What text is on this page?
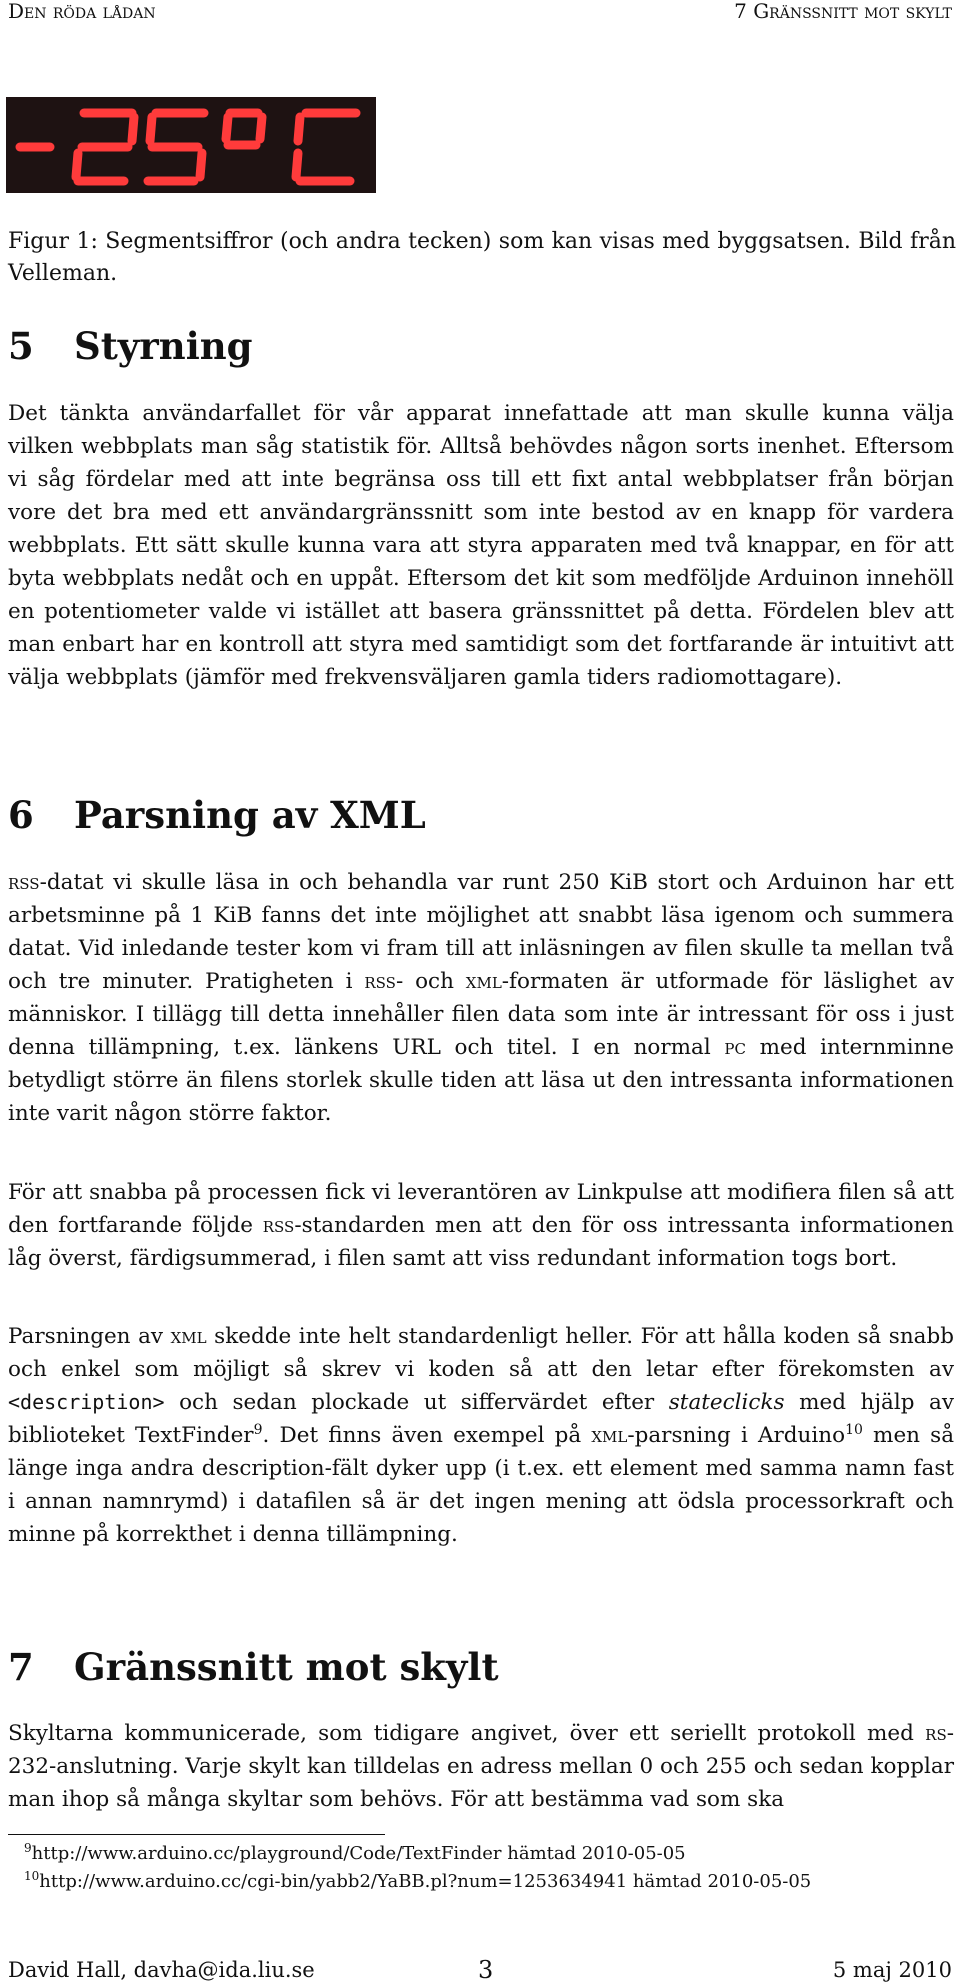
Den röda lådan	7 Gränssnitt mot skylt
Figur 1: Segmentsiffror (och andra tecken) som kan visas med byggsatsen. Bild från Velleman.
5 Styrning

Det tänkta användarfallet för vår apparat innefattade att man skulle kunna välja vilken webbplats man såg statistik för. Alltså behövdes någon sorts inenhet. Eftersom vi såg fördelar med att inte begränsa oss till ett fixt antal webbplatser från början vore det bra med ett användargränssnitt som inte bestod av en knapp för vardera webbplats. Ett sätt skulle kunna vara att styra apparaten med två knappar, en för att byta webbplats nedåt och en uppåt. Eftersom det kit som medföljde Arduinon innehöll en potentiometer valde vi istället att basera gränssnittet på detta. Fördelen blev att man enbart har en kontroll att styra med samtidigt som det fortfarande är intuitivt att välja webbplats (jämför med frekvensväljaren gamla tiders radiomottagare).

6 Parsning av XML

rss-datat vi skulle läsa in och behandla var runt 250 KiB stort och Arduinon har ett arbetsminne på 1 KiB fanns det inte möjlighet att snabbt läsa igenom och summera datat. Vid inledande tester kom vi fram till att inläsningen av filen skulle ta mellan två och tre minuter. Pratigheten i rss- och xml-formaten är utformade för läslighet av människor. I tillägg till detta innehåller filen data som inte är intressant för oss i just denna tillämpning, t.ex. länkens URL och titel. I en normal pc med internminne betydligt större än filens storlek skulle tiden att läsa ut den intressanta informationen inte varit någon större faktor.

För att snabba på processen fick vi leverantören av Linkpulse att modifiera filen så att den fortfarande följde rss-standarden men att den för oss intressanta informationen låg överst, färdigsummerad, i filen samt att viss redundant information togs bort.

Parsningen av xml skedde inte helt standardenligt heller. För att hålla koden så snabb och enkel som möjligt så skrev vi koden så att den letar efter förekomsten av <description> och sedan plockade ut siffervärdet efter stateclicks med hjälp av biblioteket TextFinder$^9$. Det finns även exempel på xml-parsning i Arduino$^{10}$ men så länge inga andra description-fält dyker upp (i t.ex. ett element med samma namn fast i annan namnrymd) i datafilen så är det ingen mening att ödsla processorkraft och minne på korrekthet i denna tillämpning.

7 Gränssnitt mot skylt

Skyltarna kommunicerade, som tidigare angivet, över ett seriellt protokoll med rs-232-anslutning. Varje skylt kan tilldelas en adress mellan 0 och 255 och sedan kopplar man ihop så många skyltar som behövs. För att bestämma vad som ska

$^9$http://www.arduino.cc/playground/Code/TextFinder hämtad 2010-05-05
$^{10}$http://www.arduino.cc/cgi-bin/yabb2/YaBB.pl?num=1253634941 hämtad 2010-05-05
David Hall, davha@ida.liu.se	3	5 maj 2010
